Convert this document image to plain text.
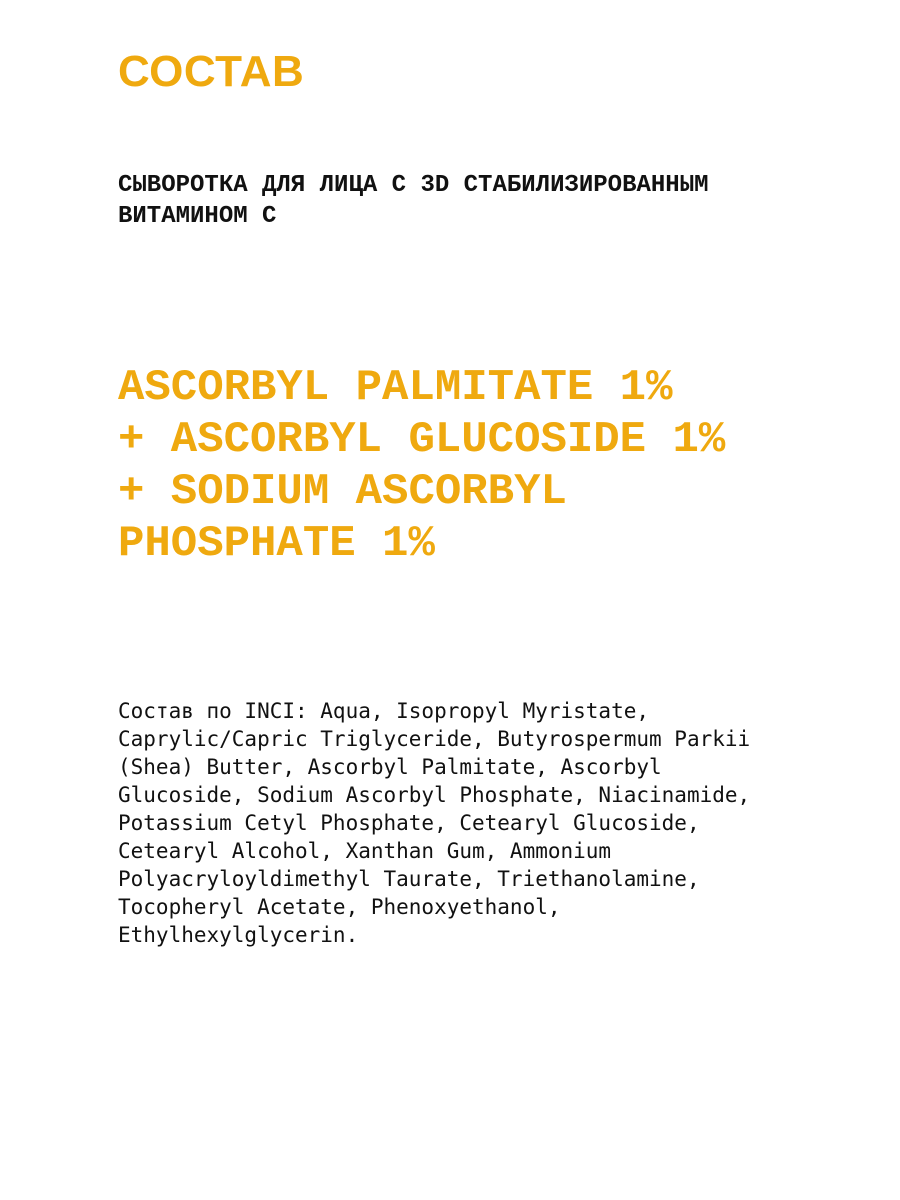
СОСТАВ
СЫВОРОТКА ДЛЯ ЛИЦА С 3D СТАБИЛИЗИРОВАННЫМ ВИТАМИНОМ С
ASCORBYL PALMITATE 1%
+ ASCORBYL GLUCOSIDE 1%
+ SODIUM ASCORBYL
PHOSPHATE 1%
Состав по INCI: Aqua, Isopropyl Myristate,
Caprylic/Capric Triglyceride, Butyrospermum Parkii
(Shea) Butter, Ascorbyl Palmitate, Ascorbyl
Glucoside, Sodium Ascorbyl Phosphate, Niacinamide,
Potassium Cetyl Phosphate, Cetearyl Glucoside,
Cetearyl Alcohol, Xanthan Gum, Ammonium
Polyacryloyldimethyl Taurate, Triethanolamine,
Tocopheryl Acetate, Phenoxyethanol,
Ethylhexylglycerin.
